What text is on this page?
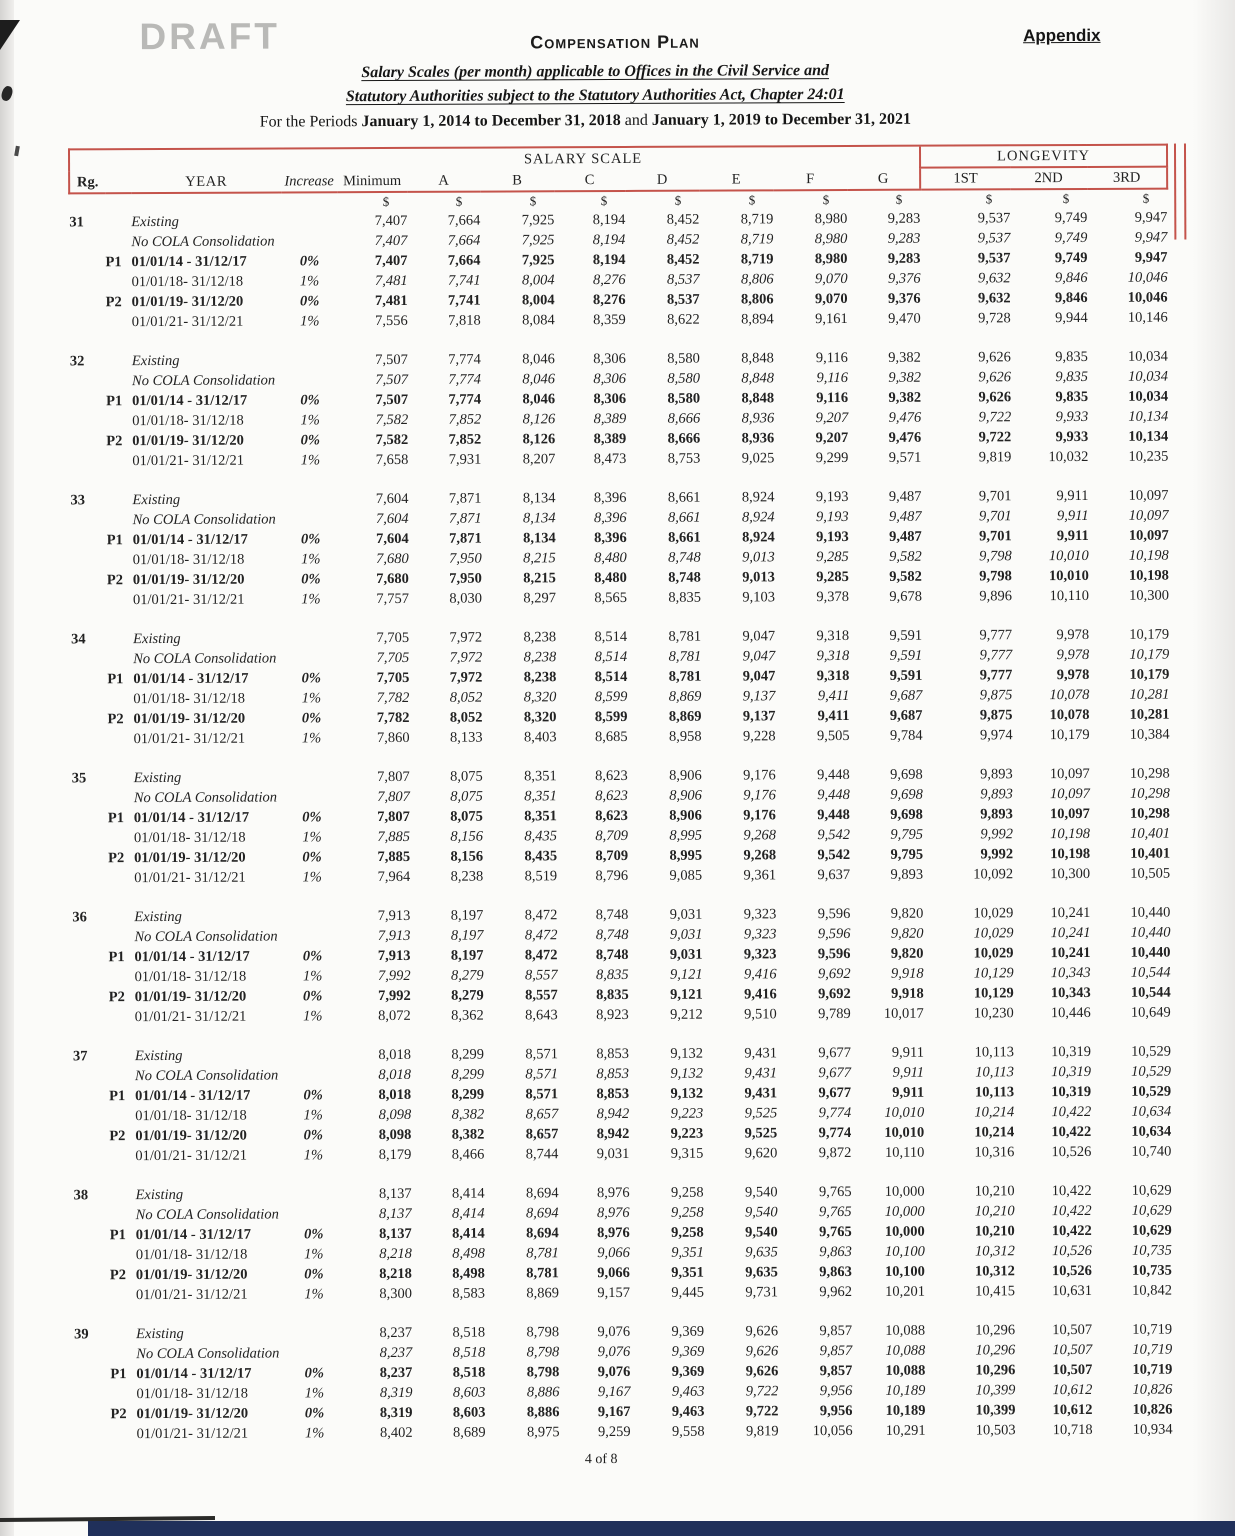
DRAFT	Compensation Plan	Appendix
Salary Scales (per month) applicable to Offices in the Civil Service and
Statutory Authorities subject to the Statutory Authorities Act, Chapter 24:01
For the Periods January 1, 2014 to December 31, 2018 and January 1, 2019 to December 31, 2021
				SALARY SCALE								LONGEVITY		
Rg.		YEAR	Increase	Minimum	A	B	C	D	E	F	G	1ST	2ND	3RD
				$	$	$	$	$	$	$	$	$	$	$
31		Existing		7,407	7,664	7,925	8,194	8,452	8,719	8,980	9,283	9,537	9,749	9,947
		No COLA Consolidation		7,407	7,664	7,925	8,194	8,452	8,719	8,980	9,283	9,537	9,749	9,947
	P1	01/01/14 - 31/12/17	0%	7,407	7,664	7,925	8,194	8,452	8,719	8,980	9,283	9,537	9,749	9,947
		01/01/18- 31/12/18	1%	7,481	7,741	8,004	8,276	8,537	8,806	9,070	9,376	9,632	9,846	10,046
	P2	01/01/19- 31/12/20	0%	7,481	7,741	8,004	8,276	8,537	8,806	9,070	9,376	9,632	9,846	10,046
		01/01/21- 31/12/21	1%	7,556	7,818	8,084	8,359	8,622	8,894	9,161	9,470	9,728	9,944	10,146

32		Existing		7,507	7,774	8,046	8,306	8,580	8,848	9,116	9,382	9,626	9,835	10,034
		No COLA Consolidation		7,507	7,774	8,046	8,306	8,580	8,848	9,116	9,382	9,626	9,835	10,034
	P1	01/01/14 - 31/12/17	0%	7,507	7,774	8,046	8,306	8,580	8,848	9,116	9,382	9,626	9,835	10,034
		01/01/18- 31/12/18	1%	7,582	7,852	8,126	8,389	8,666	8,936	9,207	9,476	9,722	9,933	10,134
	P2	01/01/19- 31/12/20	0%	7,582	7,852	8,126	8,389	8,666	8,936	9,207	9,476	9,722	9,933	10,134
		01/01/21- 31/12/21	1%	7,658	7,931	8,207	8,473	8,753	9,025	9,299	9,571	9,819	10,032	10,235

33		Existing		7,604	7,871	8,134	8,396	8,661	8,924	9,193	9,487	9,701	9,911	10,097
		No COLA Consolidation		7,604	7,871	8,134	8,396	8,661	8,924	9,193	9,487	9,701	9,911	10,097
	P1	01/01/14 - 31/12/17	0%	7,604	7,871	8,134	8,396	8,661	8,924	9,193	9,487	9,701	9,911	10,097
		01/01/18- 31/12/18	1%	7,680	7,950	8,215	8,480	8,748	9,013	9,285	9,582	9,798	10,010	10,198
	P2	01/01/19- 31/12/20	0%	7,680	7,950	8,215	8,480	8,748	9,013	9,285	9,582	9,798	10,010	10,198
		01/01/21- 31/12/21	1%	7,757	8,030	8,297	8,565	8,835	9,103	9,378	9,678	9,896	10,110	10,300

34		Existing		7,705	7,972	8,238	8,514	8,781	9,047	9,318	9,591	9,777	9,978	10,179
		No COLA Consolidation		7,705	7,972	8,238	8,514	8,781	9,047	9,318	9,591	9,777	9,978	10,179
	P1	01/01/14 - 31/12/17	0%	7,705	7,972	8,238	8,514	8,781	9,047	9,318	9,591	9,777	9,978	10,179
		01/01/18- 31/12/18	1%	7,782	8,052	8,320	8,599	8,869	9,137	9,411	9,687	9,875	10,078	10,281
	P2	01/01/19- 31/12/20	0%	7,782	8,052	8,320	8,599	8,869	9,137	9,411	9,687	9,875	10,078	10,281
		01/01/21- 31/12/21	1%	7,860	8,133	8,403	8,685	8,958	9,228	9,505	9,784	9,974	10,179	10,384

35		Existing		7,807	8,075	8,351	8,623	8,906	9,176	9,448	9,698	9,893	10,097	10,298
		No COLA Consolidation		7,807	8,075	8,351	8,623	8,906	9,176	9,448	9,698	9,893	10,097	10,298
	P1	01/01/14 - 31/12/17	0%	7,807	8,075	8,351	8,623	8,906	9,176	9,448	9,698	9,893	10,097	10,298
		01/01/18- 31/12/18	1%	7,885	8,156	8,435	8,709	8,995	9,268	9,542	9,795	9,992	10,198	10,401
	P2	01/01/19- 31/12/20	0%	7,885	8,156	8,435	8,709	8,995	9,268	9,542	9,795	9,992	10,198	10,401
		01/01/21- 31/12/21	1%	7,964	8,238	8,519	8,796	9,085	9,361	9,637	9,893	10,092	10,300	10,505

36		Existing		7,913	8,197	8,472	8,748	9,031	9,323	9,596	9,820	10,029	10,241	10,440
		No COLA Consolidation		7,913	8,197	8,472	8,748	9,031	9,323	9,596	9,820	10,029	10,241	10,440
	P1	01/01/14 - 31/12/17	0%	7,913	8,197	8,472	8,748	9,031	9,323	9,596	9,820	10,029	10,241	10,440
		01/01/18- 31/12/18	1%	7,992	8,279	8,557	8,835	9,121	9,416	9,692	9,918	10,129	10,343	10,544
	P2	01/01/19- 31/12/20	0%	7,992	8,279	8,557	8,835	9,121	9,416	9,692	9,918	10,129	10,343	10,544
		01/01/21- 31/12/21	1%	8,072	8,362	8,643	8,923	9,212	9,510	9,789	10,017	10,230	10,446	10,649

37		Existing		8,018	8,299	8,571	8,853	9,132	9,431	9,677	9,911	10,113	10,319	10,529
		No COLA Consolidation		8,018	8,299	8,571	8,853	9,132	9,431	9,677	9,911	10,113	10,319	10,529
	P1	01/01/14 - 31/12/17	0%	8,018	8,299	8,571	8,853	9,132	9,431	9,677	9,911	10,113	10,319	10,529
		01/01/18- 31/12/18	1%	8,098	8,382	8,657	8,942	9,223	9,525	9,774	10,010	10,214	10,422	10,634
	P2	01/01/19- 31/12/20	0%	8,098	8,382	8,657	8,942	9,223	9,525	9,774	10,010	10,214	10,422	10,634
		01/01/21- 31/12/21	1%	8,179	8,466	8,744	9,031	9,315	9,620	9,872	10,110	10,316	10,526	10,740

38		Existing		8,137	8,414	8,694	8,976	9,258	9,540	9,765	10,000	10,210	10,422	10,629
		No COLA Consolidation		8,137	8,414	8,694	8,976	9,258	9,540	9,765	10,000	10,210	10,422	10,629
	P1	01/01/14 - 31/12/17	0%	8,137	8,414	8,694	8,976	9,258	9,540	9,765	10,000	10,210	10,422	10,629
		01/01/18- 31/12/18	1%	8,218	8,498	8,781	9,066	9,351	9,635	9,863	10,100	10,312	10,526	10,735
	P2	01/01/19- 31/12/20	0%	8,218	8,498	8,781	9,066	9,351	9,635	9,863	10,100	10,312	10,526	10,735
		01/01/21- 31/12/21	1%	8,300	8,583	8,869	9,157	9,445	9,731	9,962	10,201	10,415	10,631	10,842

39		Existing		8,237	8,518	8,798	9,076	9,369	9,626	9,857	10,088	10,296	10,507	10,719
		No COLA Consolidation		8,237	8,518	8,798	9,076	9,369	9,626	9,857	10,088	10,296	10,507	10,719
	P1	01/01/14 - 31/12/17	0%	8,237	8,518	8,798	9,076	9,369	9,626	9,857	10,088	10,296	10,507	10,719
		01/01/18- 31/12/18	1%	8,319	8,603	8,886	9,167	9,463	9,722	9,956	10,189	10,399	10,612	10,826
	P2	01/01/19- 31/12/20	0%	8,319	8,603	8,886	9,167	9,463	9,722	9,956	10,189	10,399	10,612	10,826
		01/01/21- 31/12/21	1%	8,402	8,689	8,975	9,259	9,558	9,819	10,056	10,291	10,503	10,718	10,934
4 of 8
